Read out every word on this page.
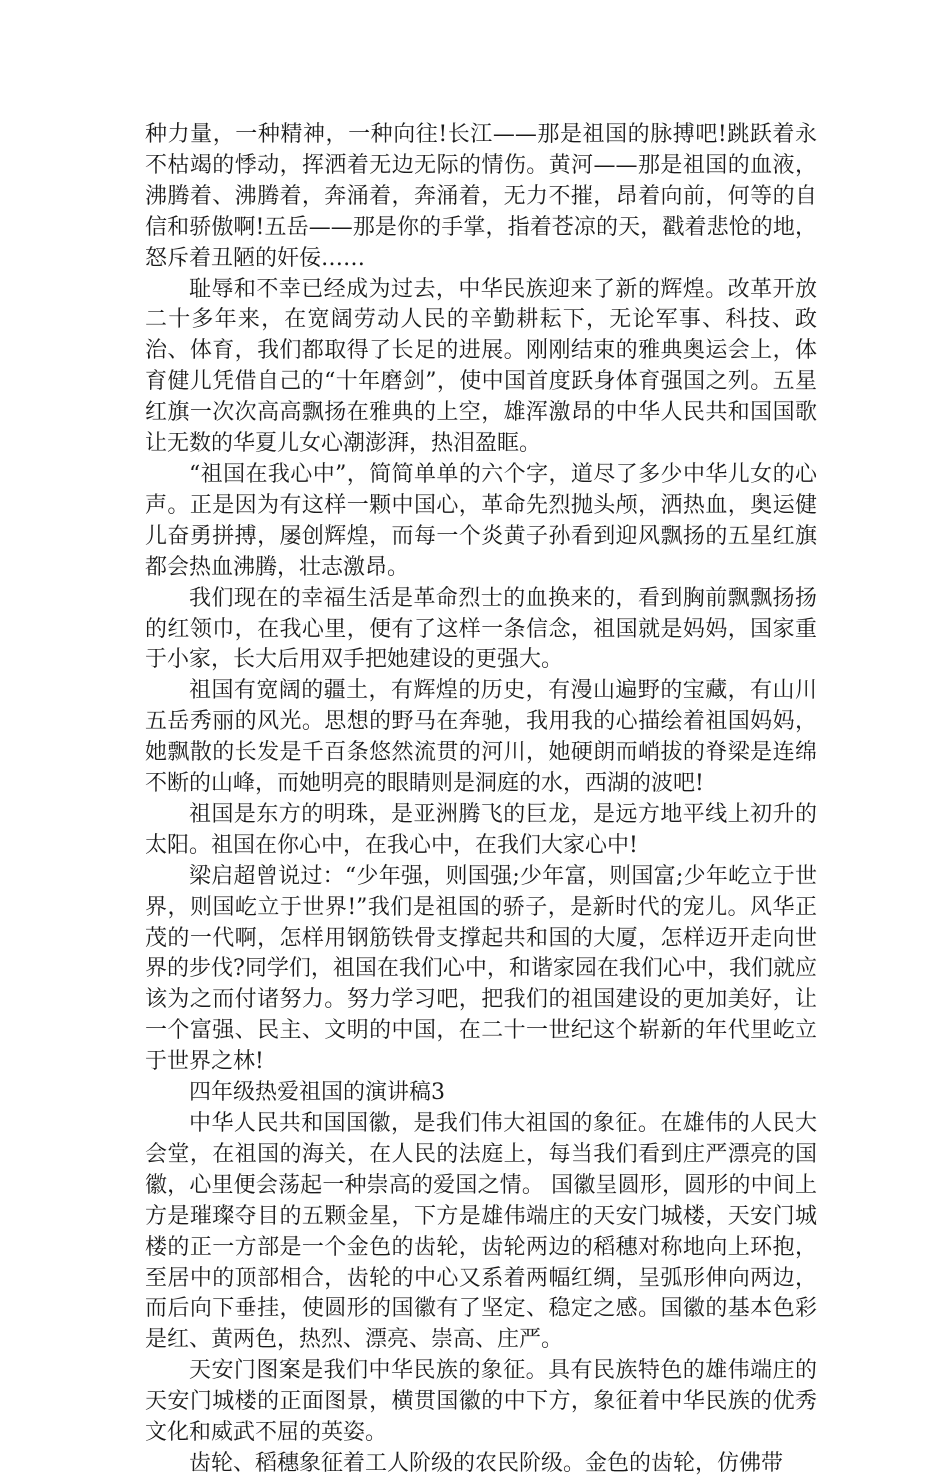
种力量，一种精神，一种向往!长江——那是祖国的脉搏吧!跳跃着永不枯竭的悸动，挥洒着无边无际的情伤。黄河——那是祖国的血液，沸腾着、沸腾着，奔涌着，奔涌着，无力不摧，昂着向前，何等的自信和骄傲啊!五岳——那是你的手掌，指着苍凉的天，戳着悲怆的地，怒斥着丑陋的奸佞……

耻辱和不幸已经成为过去，中华民族迎来了新的辉煌。改革开放二十多年来，在宽阔劳动人民的辛勤耕耘下，无论军事、科技、政治、体育，我们都取得了长足的进展。刚刚结束的雅典奥运会上，体育健儿凭借自己的“十年磨剑”，使中国首度跃身体育强国之列。五星红旗一次次高高飘扬在雅典的上空，雄浑激昂的中华人民共和国国歌让无数的华夏儿女心潮澎湃，热泪盈眶。

“祖国在我心中”，简简单单的六个字，道尽了多少中华儿女的心声。正是因为有这样一颗中国心，革命先烈抛头颅，洒热血，奥运健儿奋勇拼搏，屡创辉煌，而每一个炎黄子孙看到迎风飘扬的五星红旗都会热血沸腾，壮志激昂。

我们现在的幸福生活是革命烈士的血换来的，看到胸前飘飘扬扬的红领巾，在我心里，便有了这样一条信念，祖国就是妈妈，国家重于小家，长大后用双手把她建设的更强大。

祖国有宽阔的疆土，有辉煌的历史，有漫山遍野的宝藏，有山川五岳秀丽的风光。思想的野马在奔驰，我用我的心描绘着祖国妈妈，她飘散的长发是千百条悠然流贯的河川，她硬朗而峭拔的脊梁是连绵不断的山峰，而她明亮的眼睛则是洞庭的水，西湖的波吧!

祖国是东方的明珠，是亚洲腾飞的巨龙，是远方地平线上初升的太阳。祖国在你心中，在我心中，在我们大家心中!

梁启超曾说过：“少年强，则国强;少年富，则国富;少年屹立于世界，则国屹立于世界!”我们是祖国的骄子，是新时代的宠儿。风华正茂的一代啊，怎样用钢筋铁骨支撑起共和国的大厦，怎样迈开走向世界的步伐?同学们，祖国在我们心中，和谐家园在我们心中，我们就应该为之而付诸努力。努力学习吧，把我们的祖国建设的更加美好，让一个富强、民主、文明的中国，在二十一世纪这个崭新的年代里屹立于世界之林!

四年级热爱祖国的演讲稿3

中华人民共和国国徽，是我们伟大祖国的象征。在雄伟的人民大会堂，在祖国的海关，在人民的法庭上，每当我们看到庄严漂亮的国徽，心里便会荡起一种崇高的爱国之情。 国徽呈圆形，圆形的中间上方是璀璨夺目的五颗金星，下方是雄伟端庄的天安门城楼，天安门城楼的正一方部是一个金色的齿轮，齿轮两边的稻穗对称地向上环抱，至居中的顶部相合，齿轮的中心又系着两幅红绸，呈弧形伸向两边，而后向下垂挂，使圆形的国徽有了坚定、稳定之感。国徽的基本色彩是红、黄两色，热烈、漂亮、崇高、庄严。

天安门图案是我们中华民族的象征。具有民族特色的雄伟端庄的天安门城楼的正面图景，横贯国徽的中下方，象征着中华民族的优秀文化和威武不屈的英姿。

齿轮、稻穗象征着工人阶级的农民阶级。金色的齿轮，仿佛带
